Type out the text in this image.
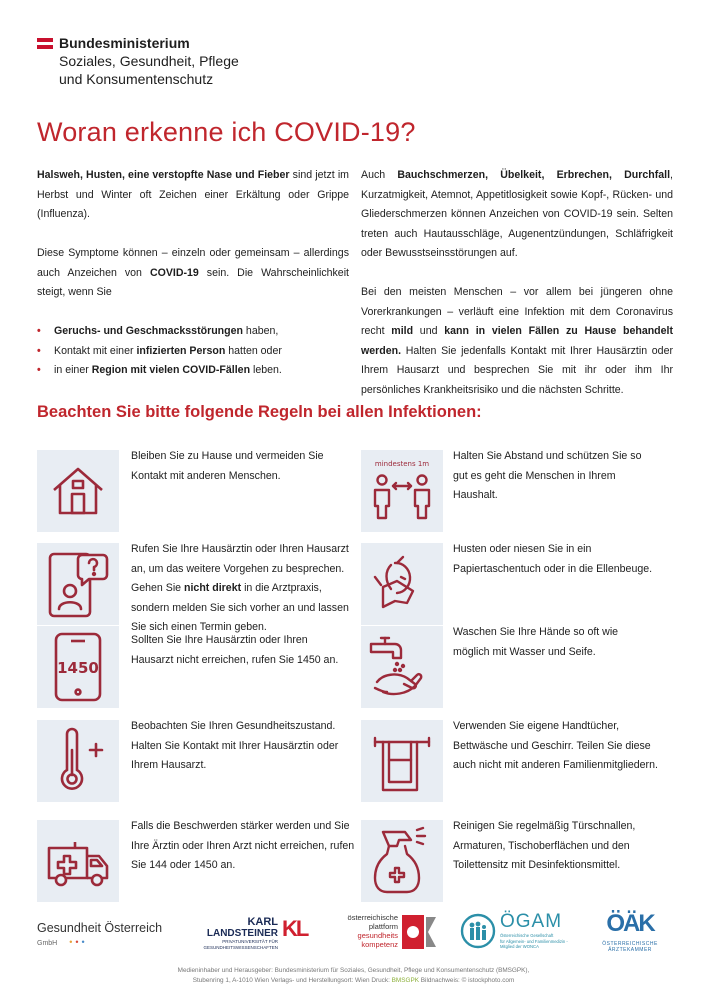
Bundesministerium
Soziales, Gesundheit, Pflege
und Konsumentenschutz
Woran erkenne ich COVID-19?

Halsweh, Husten, eine verstopfte Nase und Fieber sind jetzt im Herbst und Winter oft Zeichen einer Erkältung oder Grippe (Influenza).

Diese Symptome können – einzeln oder gemeinsam – allerdings auch Anzeichen von COVID-19 sein. Die Wahrscheinlichkeit steigt, wenn Sie

• Geruchs- und Geschmacksstörungen haben,
• Kontakt mit einer infizierten Person hatten oder
• in einer Region mit vielen COVID-Fällen leben.

Auch Bauchschmerzen, Übelkeit, Erbrechen, Durchfall, Kurzatmigkeit, Atemnot, Appetitlosigkeit sowie Kopf-, Rücken- und Gliederschmerzen können Anzeichen von COVID-19 sein. Selten treten auch Hautausschläge, Augenentzündungen, Schläfrigkeit oder Bewusstseinsstörungen auf.

Bei den meisten Menschen – vor allem bei jüngeren ohne Vorerkrankungen – verläuft eine Infektion mit dem Coronavirus recht mild und kann in vielen Fällen zu Hause behandelt werden. Halten Sie jedenfalls Kontakt mit Ihrer Hausärztin oder Ihrem Hausarzt und besprechen Sie mit ihr oder ihm Ihr persönliches Krankheitsrisiko und die nächsten Schritte.

Beachten Sie bitte folgende Regeln bei allen Infektionen:
Bleiben Sie zu Hause und vermeiden Sie Kontakt mit anderen Menschen.
Rufen Sie Ihre Hausärztin oder Ihren Hausarzt an, um das weitere Vorgehen zu besprechen. Gehen Sie nicht direkt in die Arztpraxis, sondern melden Sie sich vorher an und lassen Sie sich einen Termin geben.
1450
Sollten Sie Ihre Hausärztin oder Ihren Hausarzt nicht erreichen, rufen Sie 1450 an.
Beobachten Sie Ihren Gesundheitszustand. Halten Sie Kontakt mit Ihrer Hausärztin oder Ihrem Hausarzt.
Falls die Beschwerden stärker werden und Sie Ihre Ärztin oder Ihren Arzt nicht erreichen, rufen Sie 144 oder 1450 an.
mindestens 1m
Halten Sie Abstand und schützen Sie so gut es geht die Menschen in Ihrem Haushalt.
Husten oder niesen Sie in ein Papiertaschentuch oder in die Ellenbeuge.
Waschen Sie Ihre Hände so oft wie möglich mit Wasser und Seife.
Verwenden Sie eigene Handtücher, Bettwäsche und Geschirr. Teilen Sie diese auch nicht mit anderen Familienmitgliedern.
Reinigen Sie regelmäßig Türschnallen, Armaturen, Tischoberflächen und den Toilettensitz mit Desinfektionsmittel.
Gesundheit Österreich
GmbH •••
KARL
LANDSTEINER
PRIVATUNIVERSITÄT FÜR
GESUNDHEITSWISSENSCHAFTEN
KL	österreichische
plattform
gesundheits
kompetenz
ÖGAM
Österreichische Gesellschaft
für Allgemein- und Familienmedizin -
Mitglied der WONCA
ÖÄK
ÖSTERREICHISCHE
ÄRZTEKAMMER
Medieninhaber und Herausgeber: Bundesministerium für Soziales, Gesundheit, Pflege und Konsumentenschutz (BMSGPK),
Stubenring 1, A-1010 Wien Verlags- und Herstellungsort: Wien Druck: BMSGPK Bildnachweis: © istockphoto.com
